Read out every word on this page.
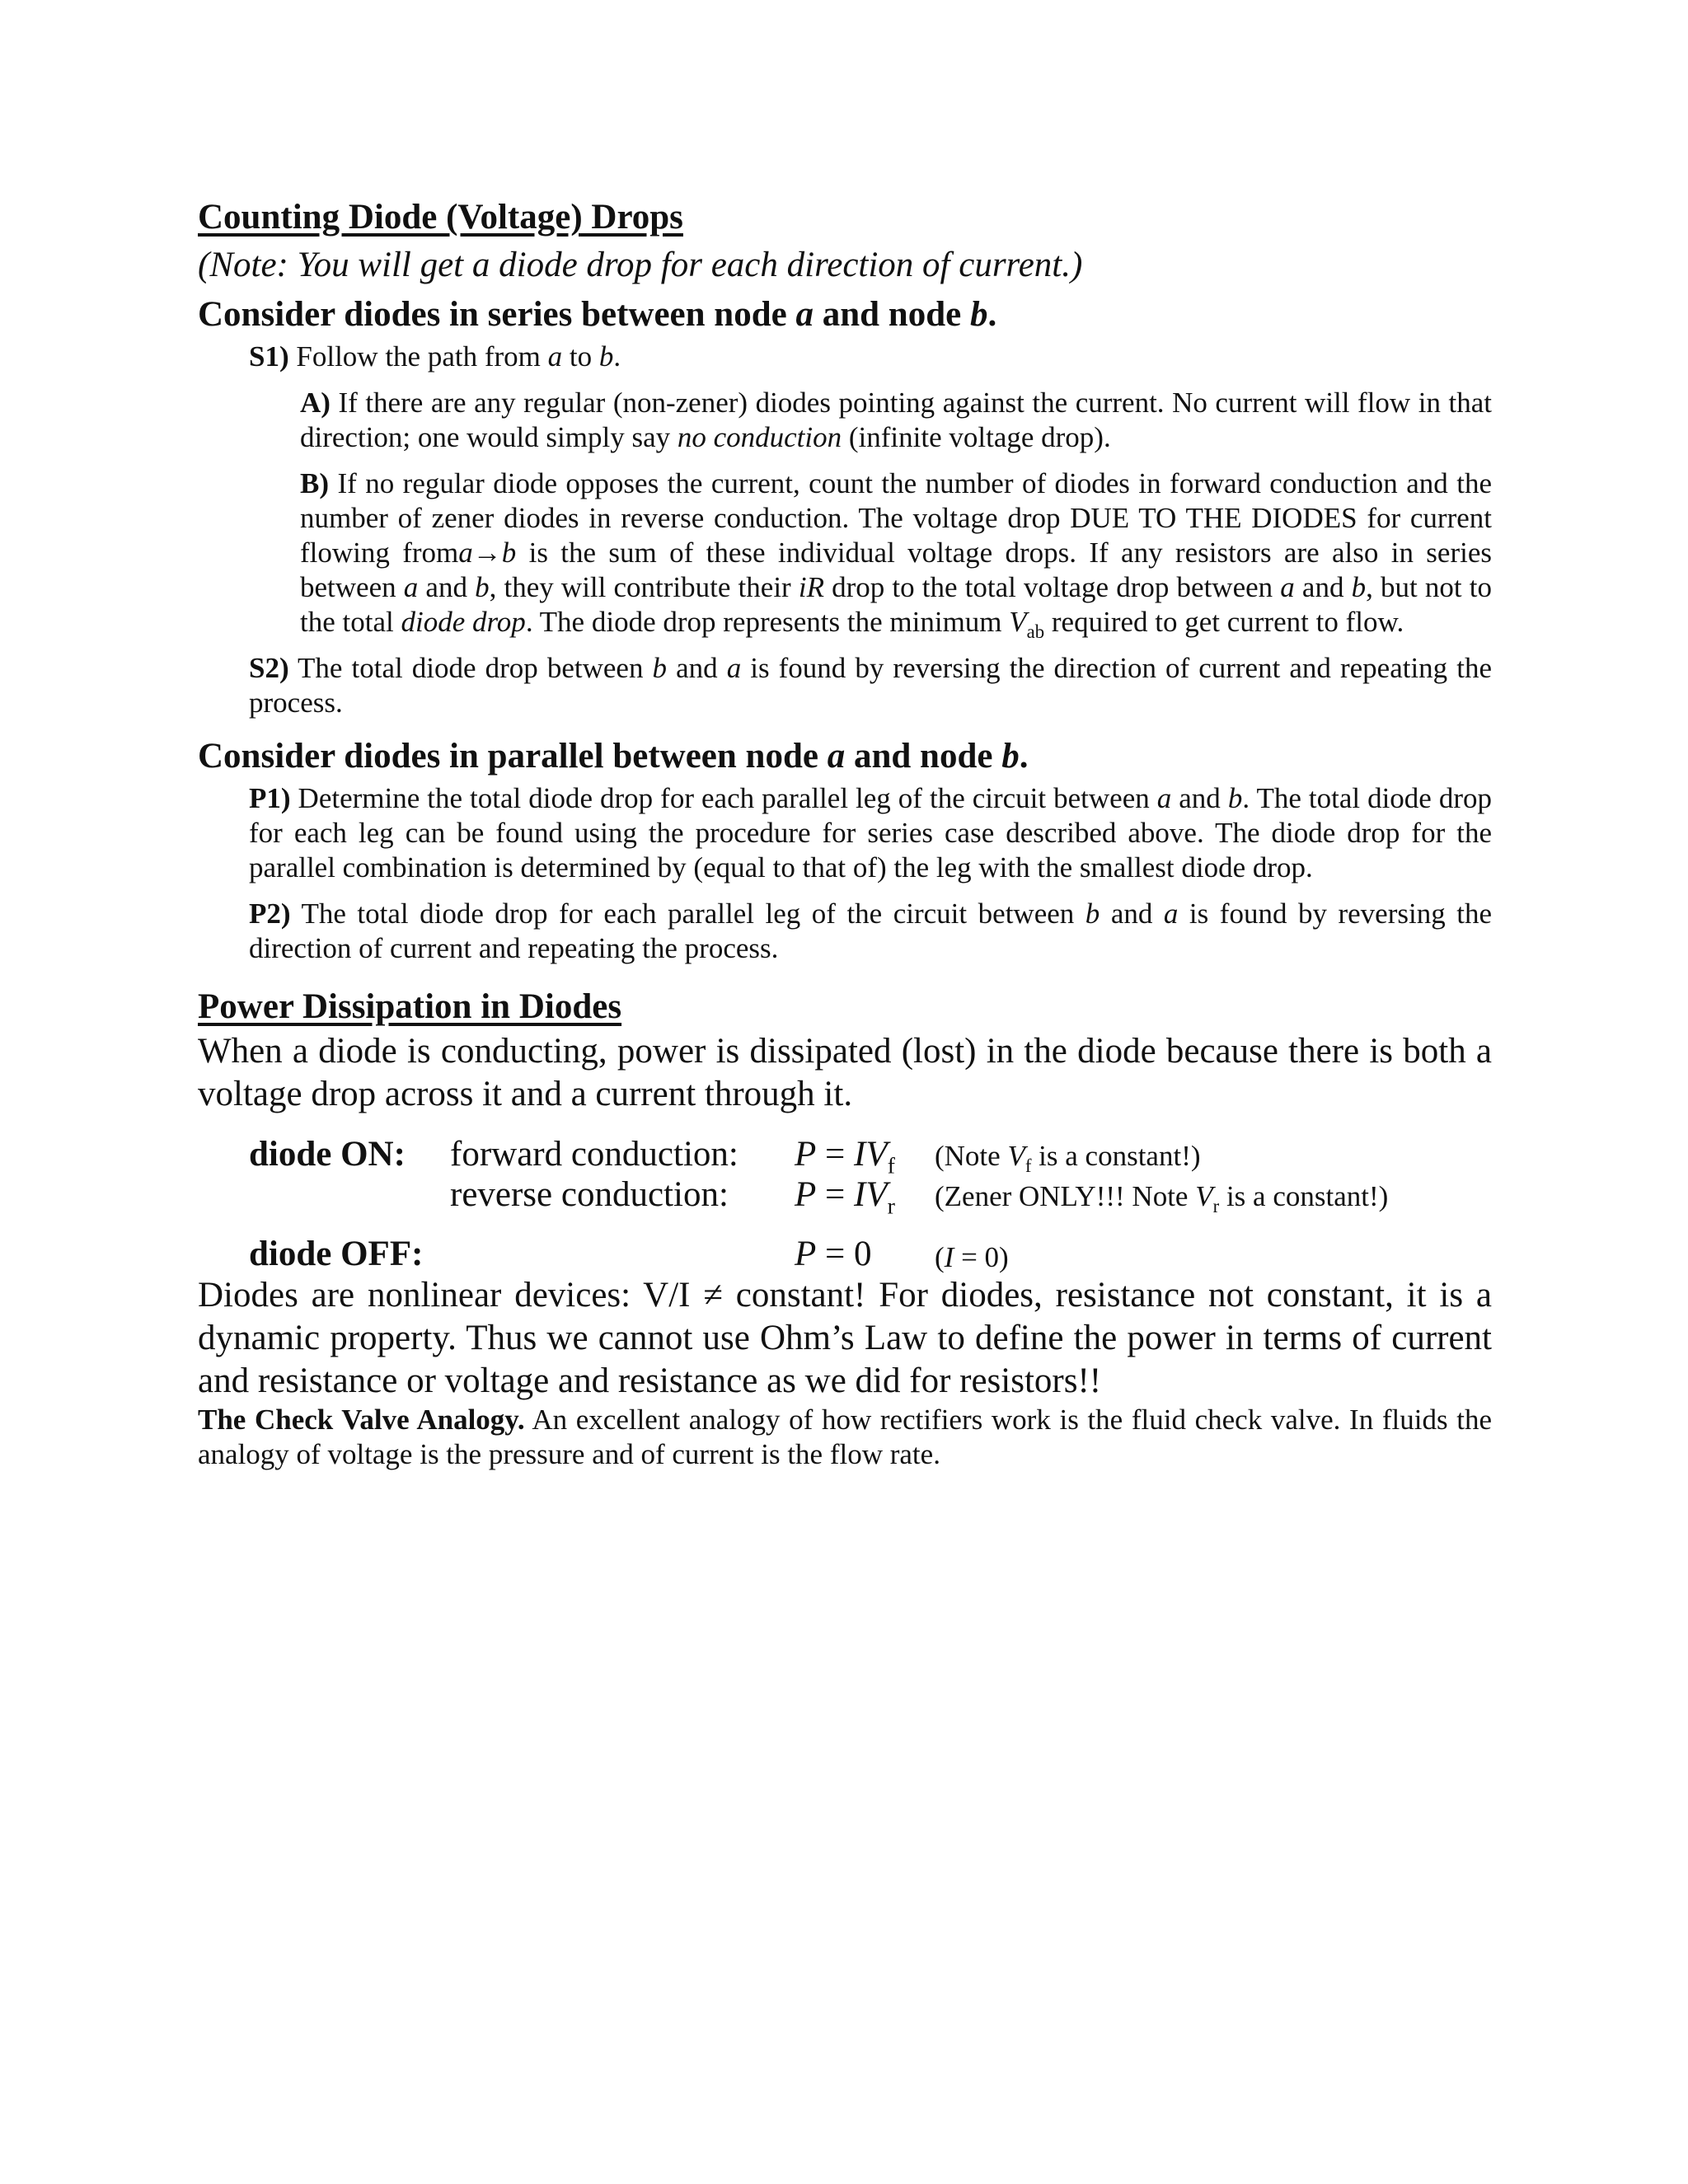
Counting Diode (Voltage) Drops

(Note: You will get a diode drop for each direction of current.)

Consider diodes in series between node a and node b.

S1) Follow the path from a to b.

A) If there are any regular (non-zener) diodes pointing against the current. No current will flow in that direction; one would simply say no conduction (infinite voltage drop).

B) If no regular diode opposes the current, count the number of diodes in forward conduction and the number of zener diodes in reverse conduction. The voltage drop DUE TO THE DIODES for current flowing froma→b is the sum of these individual voltage drops. If any resistors are also in series between a and b, they will contribute their iR drop to the total voltage drop between a and b, but not to the total diode drop. The diode drop represents the minimum $V_{ab}$ required to get current to flow.

S2) The total diode drop between b and a is found by reversing the direction of current and repeating the process.

Consider diodes in parallel between node a and node b.

P1) Determine the total diode drop for each parallel leg of the circuit between a and b. The total diode drop for each leg can be found using the procedure for series case described above. The diode drop for the parallel combination is determined by (equal to that of) the leg with the smallest diode drop.

P2) The total diode drop for each parallel leg of the circuit between b and a is found by reversing the direction of current and repeating the process.

Power Dissipation in Diodes

When a diode is conducting, power is dissipated (lost) in the diode because there is both a voltage drop across it and a current through it.

diode ON:	forward conduction:	$P = IV_f$	(Note $V_f$ is a constant!)
	reverse conduction:	$P = IV_r$	(Zener ONLY!!! Note $V_r$ is a constant!)
diode OFF:		P = 0	(I = 0)

Diodes are nonlinear devices: V/I ≠ constant! For diodes, resistance not constant, it is a dynamic property. Thus we cannot use Ohm’s Law to define the power in terms of current and resistance or voltage and resistance as we did for resistors!!

The Check Valve Analogy. An excellent analogy of how rectifiers work is the fluid check valve. In fluids the analogy of voltage is the pressure and of current is the flow rate.
